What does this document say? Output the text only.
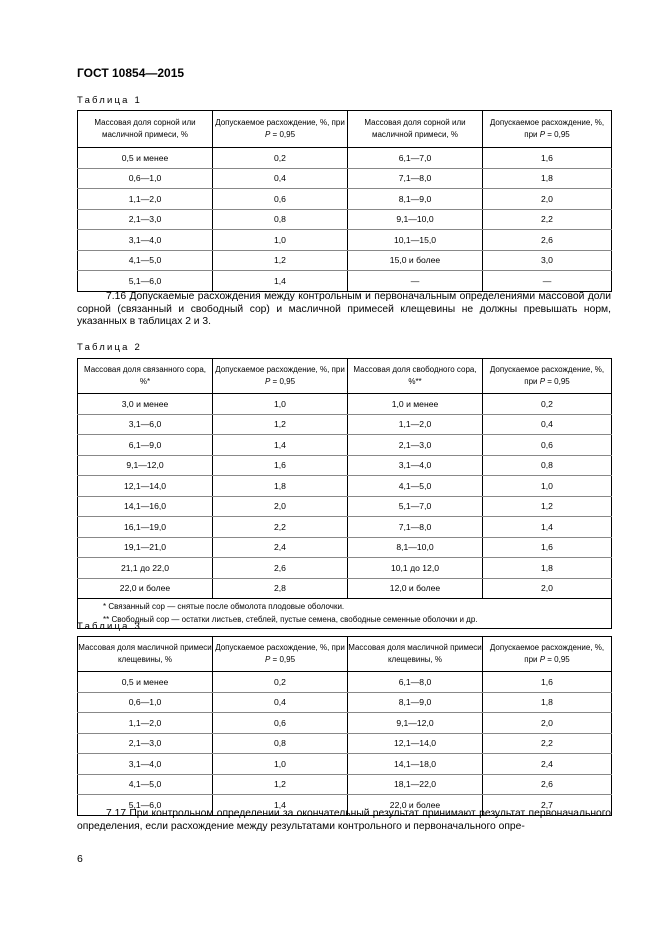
ГОСТ 10854—2015
Таблица 1
Массовая доля сорной или масличной примеси, %	Допускаемое расхождение, %, при P = 0,95	Массовая доля сорной или масличной примеси, %	Допускаемое расхождение, %, при P = 0,95
0,5 и менее	0,2	6,1—7,0	1,6
0,6—1,0	0,4	7,1—8,0	1,8
1,1—2,0	0,6	8,1—9,0	2,0
2,1—3,0	0,8	9,1—10,0	2,2
3,1—4,0	1,0	10,1—15,0	2,6
4,1—5,0	1,2	15,0 и более	3,0
5,1—6,0	1,4	—	—
7.16 Допускаемые расхождения между контрольным и первоначальным определениями массовой доли сорной (связанный и свободный сор) и масличной примесей клещевины не должны превышать норм, указанных в таблицах 2 и 3.
Таблица 2
Массовая доля связанного сора, %*	Допускаемое расхождение, %, при P = 0,95	Массовая доля свободного сора, %**	Допускаемое расхождение, %, при P = 0,95
3,0 и менее	1,0	1,0 и менее	0,2
3,1—6,0	1,2	1,1—2,0	0,4
6,1—9,0	1,4	2,1—3,0	0,6
9,1—12,0	1,6	3,1—4,0	0,8
12,1—14,0	1,8	4,1—5,0	1,0
14,1—16,0	2,0	5,1—7,0	1,2
16,1—19,0	2,2	7,1—8,0	1,4
19,1—21,0	2,4	8,1—10,0	1,6
21,1 до 22,0	2,6	10,1 до 12,0	1,8
22,0 и более	2,8	12,0 и более	2,0

* Связанный сор — снятые после обмолота плодовые оболочки.
** Свободный сор — остатки листьев, стеблей, пустые семена, свободные семенные оболочки и др.			
Таблица 3
Массовая доля масличной примеси клещевины, %	Допускаемое расхождение, %, при P = 0,95	Массовая доля масличной примеси клещевины, %	Допускаемое расхождение, %, при P = 0,95
0,5 и менее	0,2	6,1—8,0	1,6
0,6—1,0	0,4	8,1—9,0	1,8
1,1—2,0	0,6	9,1—12,0	2,0
2,1—3,0	0,8	12,1—14,0	2,2
3,1—4,0	1,0	14,1—18,0	2,4
4,1—5,0	1,2	18,1—22,0	2,6
5,1—6,0	1,4	22,0 и более	2,7
7.17 При контрольном определении за окончательный результат принимают результат первоначального определения, если расхождение между результатами контрольного и первоначального опре-
6
